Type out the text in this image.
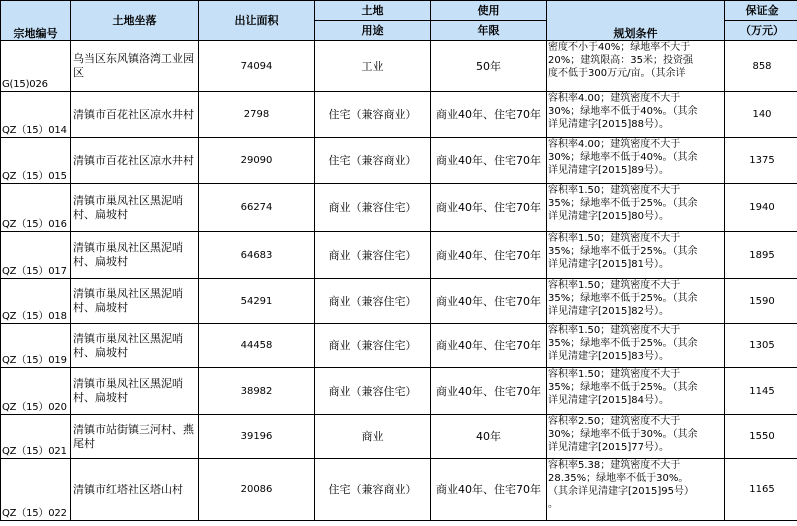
宗地编号	土地坐落	出让面积	土地	使用	规划条件	保证金
			用途	年限		（万元）
G(15)026	乌当区东风镇洛湾工业园区	74094	工业	50年	密度不小于40%；绿地率不大于
20%；建筑限高：35米；投资强
度不低于300万元/亩。（其余详	858
QZ（15）014	清镇市百花社区凉水井村	2798	住宅（兼容商业）	商业40年、住宅70年	容积率4.00；建筑密度不大于
30%；绿地率不低于40%。（其余
详见清建字[2015]88号）。	140
QZ（15）015	清镇市百花社区凉水井村	29090	住宅（兼容商业）	商业40年、住宅70年	容积率4.00；建筑密度不大于
30%；绿地率不低于40%。（其余
详见清建字[2015]89号）。	1375
QZ（15）016	清镇市巢凤社区黑泥哨村、扁坡村	66274	商业（兼容住宅）	商业40年、住宅70年	容积率1.50；建筑密度不大于
35%；绿地率不低于25%。（其余
详见清建字[2015]80号）。	1940
QZ（15）017	清镇市巢凤社区黑泥哨村、扁坡村	64683	商业（兼容住宅）	商业40年、住宅70年	容积率1.50；建筑密度不大于
35%；绿地率不低于25%。（其余
详见清建字[2015]81号）。	1895
QZ（15）018	清镇市巢凤社区黑泥哨村、扁坡村	54291	商业（兼容住宅）	商业40年、住宅70年	容积率1.50；建筑密度不大于
35%；绿地率不低于25%。（其余
详见清建字[2015]82号）。	1590
QZ（15）019	清镇市巢凤社区黑泥哨村、扁坡村	44458	商业（兼容住宅）	商业40年、住宅70年	容积率1.50；建筑密度不大于
35%；绿地率不低于25%。（其余
详见清建字[2015]83号）。	1305
QZ（15）020	清镇市巢凤社区黑泥哨村、扁坡村	38982	商业（兼容住宅）	商业40年、住宅70年	容积率1.50；建筑密度不大于
35%；绿地率不低于25%。（其余
详见清建字[2015]84号）。	1145
QZ（15）021	清镇市站街镇三河村、燕尾村	39196	商业	40年	容积率2.50；建筑密度不大于
30%；绿地率不低于30%。（其余
详见清建字[2015]77号）。	1550
QZ（15）022	清镇市红塔社区塔山村	20086	住宅（兼容商业）	商业40年、住宅70年	容积率5.38；建筑密度不大于
28.35%；绿地率不低于30%。
（其余详见清建字[2015]95号）
。	1165
